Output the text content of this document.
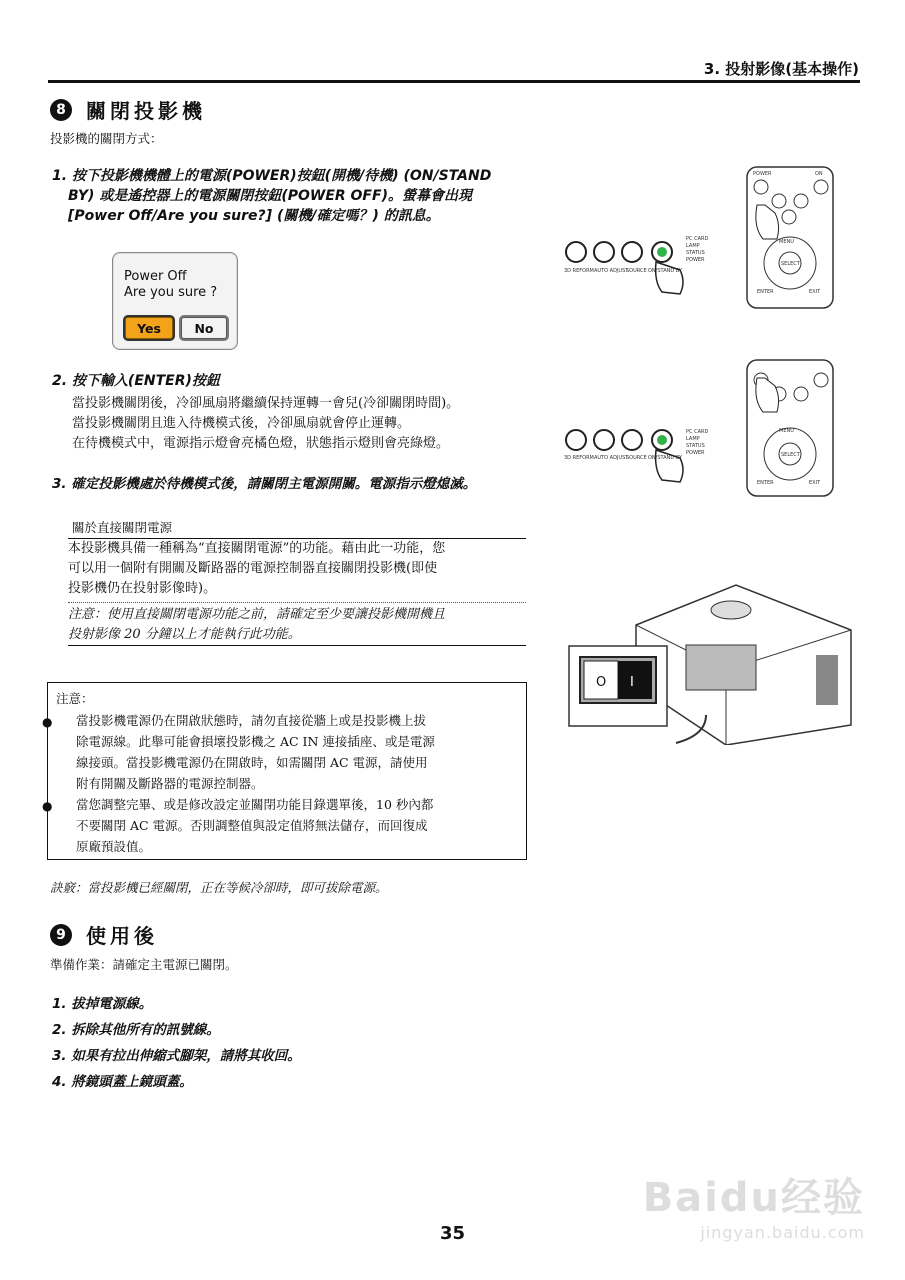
3. 投射影像(基本操作)
8	關閉投影機
投影機的關閉方式：
1. 按下投影機機體上的電源(POWER)按鈕(開機/待機) (ON/STAND
BY) 或是遙控器上的電源關閉按鈕(POWER OFF)。螢幕會出現
[Power Off/Are you sure?] (關機/確定嗎？) 的訊息。
Power Off
Are you sure ?
Yes	No
2. 按下輸入(ENTER)按鈕
當投影機關閉後，冷卻風扇將繼續保持運轉一會兒(冷卻關閉時間)。
當投影機關閉且進入待機模式後，冷卻風扇就會停止運轉。
在待機模式中，電源指示燈會亮橘色燈，狀態指示燈則會亮綠燈。
3. 確定投影機處於待機模式後，請關閉主電源開關。電源指示燈熄滅。
關於直接關閉電源
本投影機具備一種稱為“直接關閉電源”的功能。藉由此一功能，您
可以用一個附有開關及斷路器的電源控制器直接關閉投影機(即使
投影機仍在投射影像時)。
注意：使用直接關閉電源功能之前，請確定至少要讓投影機開機且
投射影像 20 分鐘以上才能執行此功能。
注意：
當投影機電源仍在開啟狀態時，請勿直接從牆上或是投影機上拔
除電源線。此舉可能會損壞投影機之 AC IN 連接插座、或是電源
線接頭。當投影機電源仍在開啟時，如需關閉 AC 電源，請使用
附有開關及斷路器的電源控制器。
●
當您調整完畢、或是修改設定並關閉功能目錄選單後，10 秒內都
不要關閉 AC 電源。否則調整值與設定值將無法儲存，而回復成
原廠預設值。
●
訣竅：當投影機已經關閉，正在等候冷卻時，即可拔除電源。
9	使用後
準備作業：請確定主電源已關閉。
1. 拔掉電源線。
2. 拆除其他所有的訊號線。
3. 如果有拉出伸縮式腳架，請將其收回。
4. 將鏡頭蓋上鏡頭蓋。
3D REFORM AUTO ADJUST
SOURCE ON/STAND BY
PC CARD
LAMP
STATUS
POWER
POWER	ON
MENU
SELECT
ENTER	EXIT
3D REFORM AUTO ADJUST
SOURCE ON/STAND BY
PC CARD
LAMP
STATUS
POWER
MENU
SELECT
ENTER	EXIT
O I
35
Baidu经验
jingyan.baidu.com
